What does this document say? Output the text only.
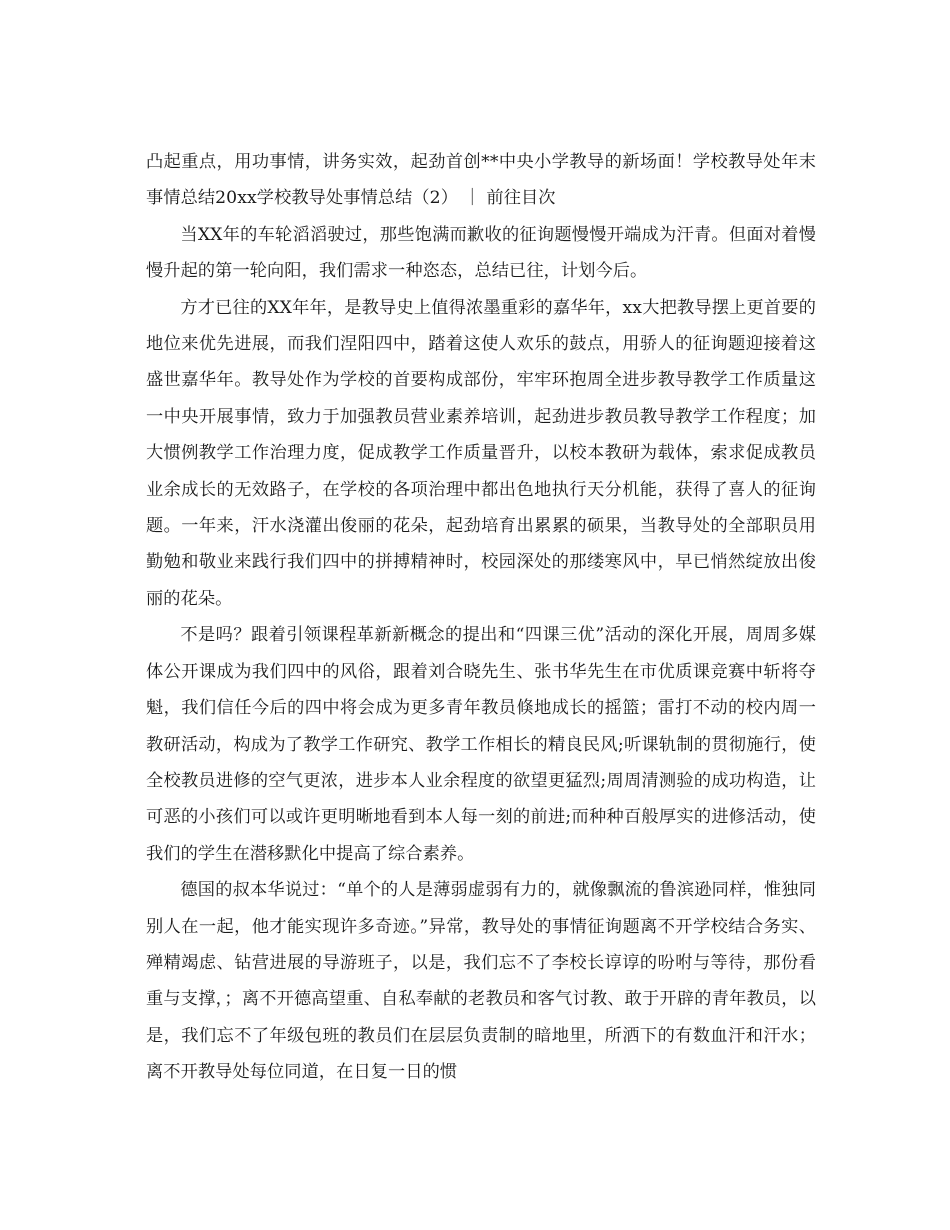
凸起重点，用功事情，讲务实效，起劲首创**中央小学教导的新场面！学校教导处年末事情总结20xx学校教导处事情总结（2） ｜ 前往目次

当XX年的车轮滔滔驶过，那些饱满而歉收的征询题慢慢开端成为汗青。但面对着慢慢升起的第一轮向阳，我们需求一种恣态，总结已往，计划今后。

方才已往的XX年年，是教导史上值得浓墨重彩的嘉华年，xx大把教导摆上更首要的地位来优先进展，而我们涅阳四中，踏着这使人欢乐的鼓点，用骄人的征询题迎接着这盛世嘉华年。教导处作为学校的首要构成部份，牢牢环抱周全进步教导教学工作质量这一中央开展事情，致力于加强教员营业素养培训，起劲进步教员教导教学工作程度；加大惯例教学工作治理力度，促成教学工作质量晋升，以校本教研为载体，索求促成教员业余成长的无效路子，在学校的各项治理中都出色地执行天分机能，获得了喜人的征询题。一年来，汗水浇灌出俊丽的花朵，起劲培育出累累的硕果，当教导处的全部职员用勤勉和敬业来践行我们四中的拼搏精神时，校园深处的那缕寒风中，早已悄然绽放出俊丽的花朵。

不是吗？跟着引领课程革新新概念的提出和“四课三优”活动的深化开展，周周多媒体公开课成为我们四中的风俗，跟着刘合晓先生、张书华先生在市优质课竞赛中斩将夺魁，我们信任今后的四中将会成为更多青年教员倏地成长的摇篮；雷打不动的校内周一教研活动，构成为了教学工作研究、教学工作相长的精良民风;听课轨制的贯彻施行，使全校教员进修的空气更浓，进步本人业余程度的欲望更猛烈;周周清测验的成功构造，让可恶的小孩们可以或许更明晰地看到本人每一刻的前进;而种种百般厚实的进修活动，使我们的学生在潜移默化中提高了综合素养。

德国的叔本华说过：“单个的人是薄弱虚弱有力的，就像飘流的鲁滨逊同样，惟独同别人在一起，他才能实现许多奇迹。”异常，教导处的事情征询题离不开学校结合务实、殚精竭虑、钻营进展的导游班子，以是，我们忘不了李校长谆谆的吩咐与等待，那份看重与支撑，；离不开德高望重、自私奉献的老教员和客气讨教、敢于开辟的青年教员，以是，我们忘不了年级包班的教员们在层层负责制的暗地里，所洒下的有数血汗和汗水；离不开教导处每位同道，在日复一日的惯
